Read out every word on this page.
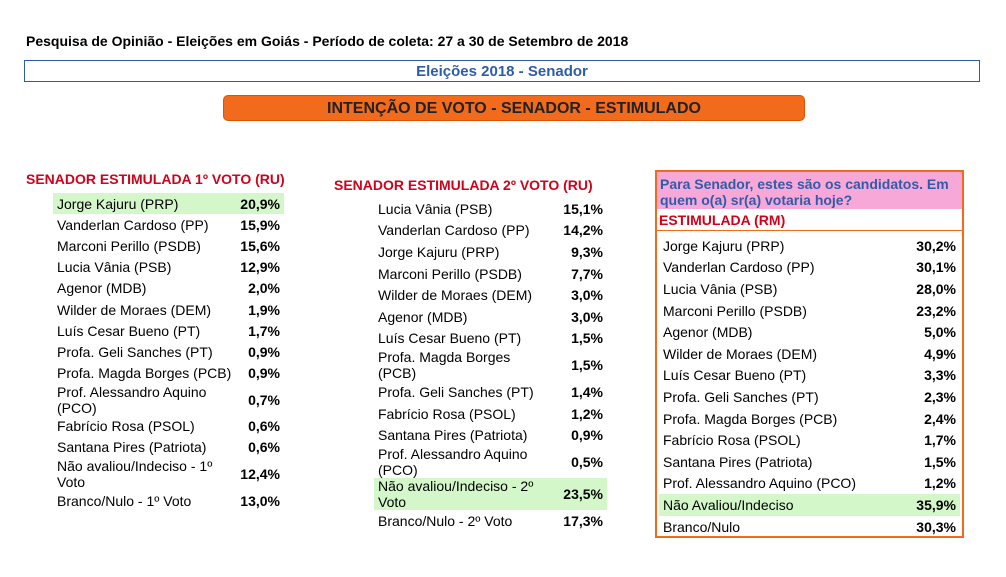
Pesquisa de Opinião - Eleições em Goiás - Período de coleta: 27 a 30 de Setembro de 2018
Eleições 2018 - Senador
INTENÇÃO DE VOTO - SENADOR - ESTIMULADO
SENADOR ESTIMULADA 1º VOTO (RU)
Jorge Kajuru (PRP)	20,9%
Vanderlan Cardoso (PP)	15,9%
Marconi Perillo (PSDB)	15,6%
Lucia Vânia (PSB)	12,9%
Agenor (MDB)	2,0%
Wilder de Moraes (DEM)	1,9%
Luís Cesar Bueno (PT)	1,7%
Profa. Geli Sanches (PT)	0,9%
Profa. Magda Borges (PCB)	0,9%
Prof. Alessandro Aquino (PCO)	0,7%
Fabrício Rosa (PSOL)	0,6%
Santana Pires (Patriota)	0,6%
Não avaliou/Indeciso - 1º Voto	12,4%
Branco/Nulo - 1º Voto	13,0%
SENADOR ESTIMULADA 2º VOTO (RU)
Lucia Vânia (PSB)	15,1%
Vanderlan Cardoso (PP)	14,2%
Jorge Kajuru (PRP)	9,3%
Marconi Perillo (PSDB)	7,7%
Wilder de Moraes (DEM)	3,0%
Agenor (MDB)	3,0%
Luís Cesar Bueno (PT)	1,5%
Profa. Magda Borges (PCB)	1,5%
Profa. Geli Sanches (PT)	1,4%
Fabrício Rosa (PSOL)	1,2%
Santana Pires (Patriota)	0,9%
Prof. Alessandro Aquino (PCO)	0,5%
Não avaliou/Indeciso - 2º Voto	23,5%
Branco/Nulo - 2º Voto	17,3%
Para Senador, estes são os candidatos. Em quem o(a) sr(a) votaria hoje?
ESTIMULADA (RM)
Jorge Kajuru (PRP)	30,2%
Vanderlan Cardoso (PP)	30,1%
Lucia Vânia (PSB)	28,0%
Marconi Perillo (PSDB)	23,2%
Agenor (MDB)	5,0%
Wilder de Moraes (DEM)	4,9%
Luís Cesar Bueno (PT)	3,3%
Profa. Geli Sanches (PT)	2,3%
Profa. Magda Borges (PCB)	2,4%
Fabrício Rosa (PSOL)	1,7%
Santana Pires (Patriota)	1,5%
Prof. Alessandro Aquino (PCO)	1,2%
Não Avaliou/Indeciso	35,9%
Branco/Nulo	30,3%
